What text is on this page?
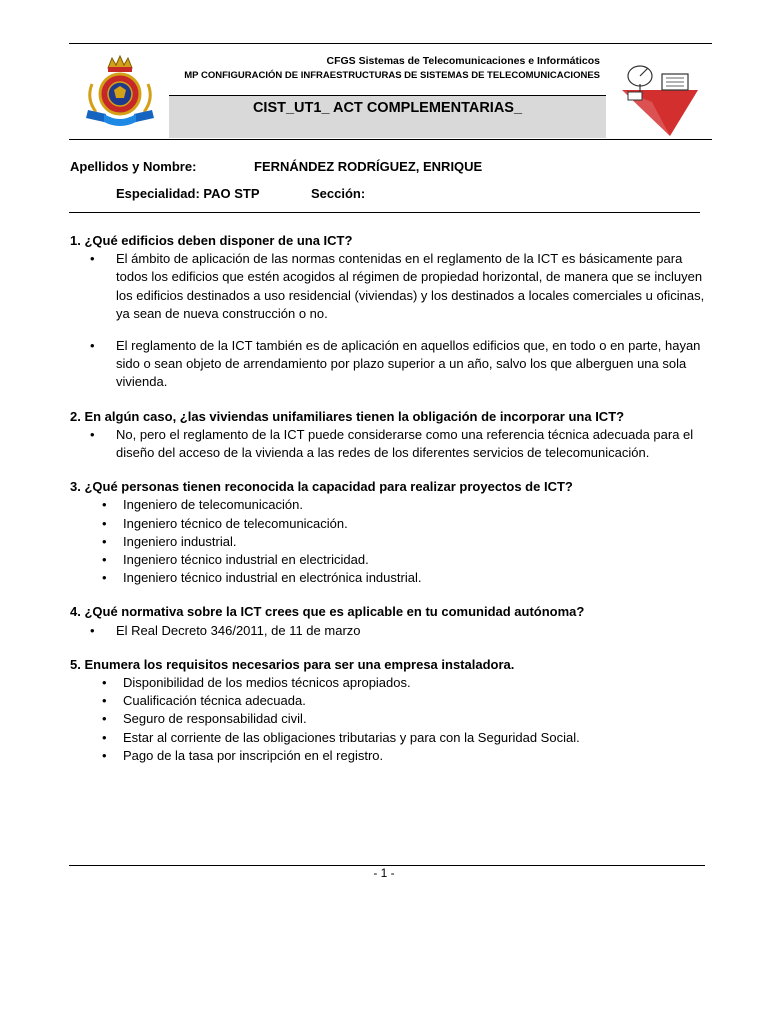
CFGS Sistemas de Telecomunicaciones e Informáticos
MP CONFIGURACIÓN DE INFRAESTRUCTURAS DE SISTEMAS DE TELECOMUNICACIONES
CIST_UT1_ ACT COMPLEMENTARIAS_
Apellidos y Nombre:	FERNÁNDEZ RODRÍGUEZ, ENRIQUE
Especialidad: PAO STP	Sección:

1. ¿Qué edificios deben disponer de una ICT?

• El ámbito de aplicación de las normas contenidas en el reglamento de la ICT es básicamente para todos los edificios que estén acogidos al régimen de propiedad horizontal, de manera que se incluyen los edificios destinados a uso residencial (viviendas) y los destinados a locales comerciales u oficinas, ya sean de nueva construcción o no.
• El reglamento de la ICT también es de aplicación en aquellos edificios que, en todo o en parte, hayan sido o sean objeto de arrendamiento por plazo superior a un año, salvo los que alberguen una sola vivienda.

2. En algún caso, ¿las viviendas unifamiliares tienen la obligación de incorporar una ICT?

• No, pero el reglamento de la ICT puede considerarse como una referencia técnica adecuada para el diseño del acceso de la vivienda a las redes de los diferentes servicios de telecomunicación.

3. ¿Qué personas tienen reconocida la capacidad para realizar proyectos de ICT?

• Ingeniero de telecomunicación.
• Ingeniero técnico de telecomunicación.
• Ingeniero industrial.
• Ingeniero técnico industrial en electricidad.
• Ingeniero técnico industrial en electrónica industrial.

4. ¿Qué normativa sobre la ICT crees que es aplicable en tu comunidad autónoma?

• El Real Decreto 346/2011, de 11 de marzo

5. Enumera los requisitos necesarios para ser una empresa instaladora.

• Disponibilidad de los medios técnicos apropiados.
• Cualificación técnica adecuada.
• Seguro de responsabilidad civil.
• Estar al corriente de las obligaciones tributarias y para con la Seguridad Social.
• Pago de la tasa por inscripción en el registro.
- 1 -
